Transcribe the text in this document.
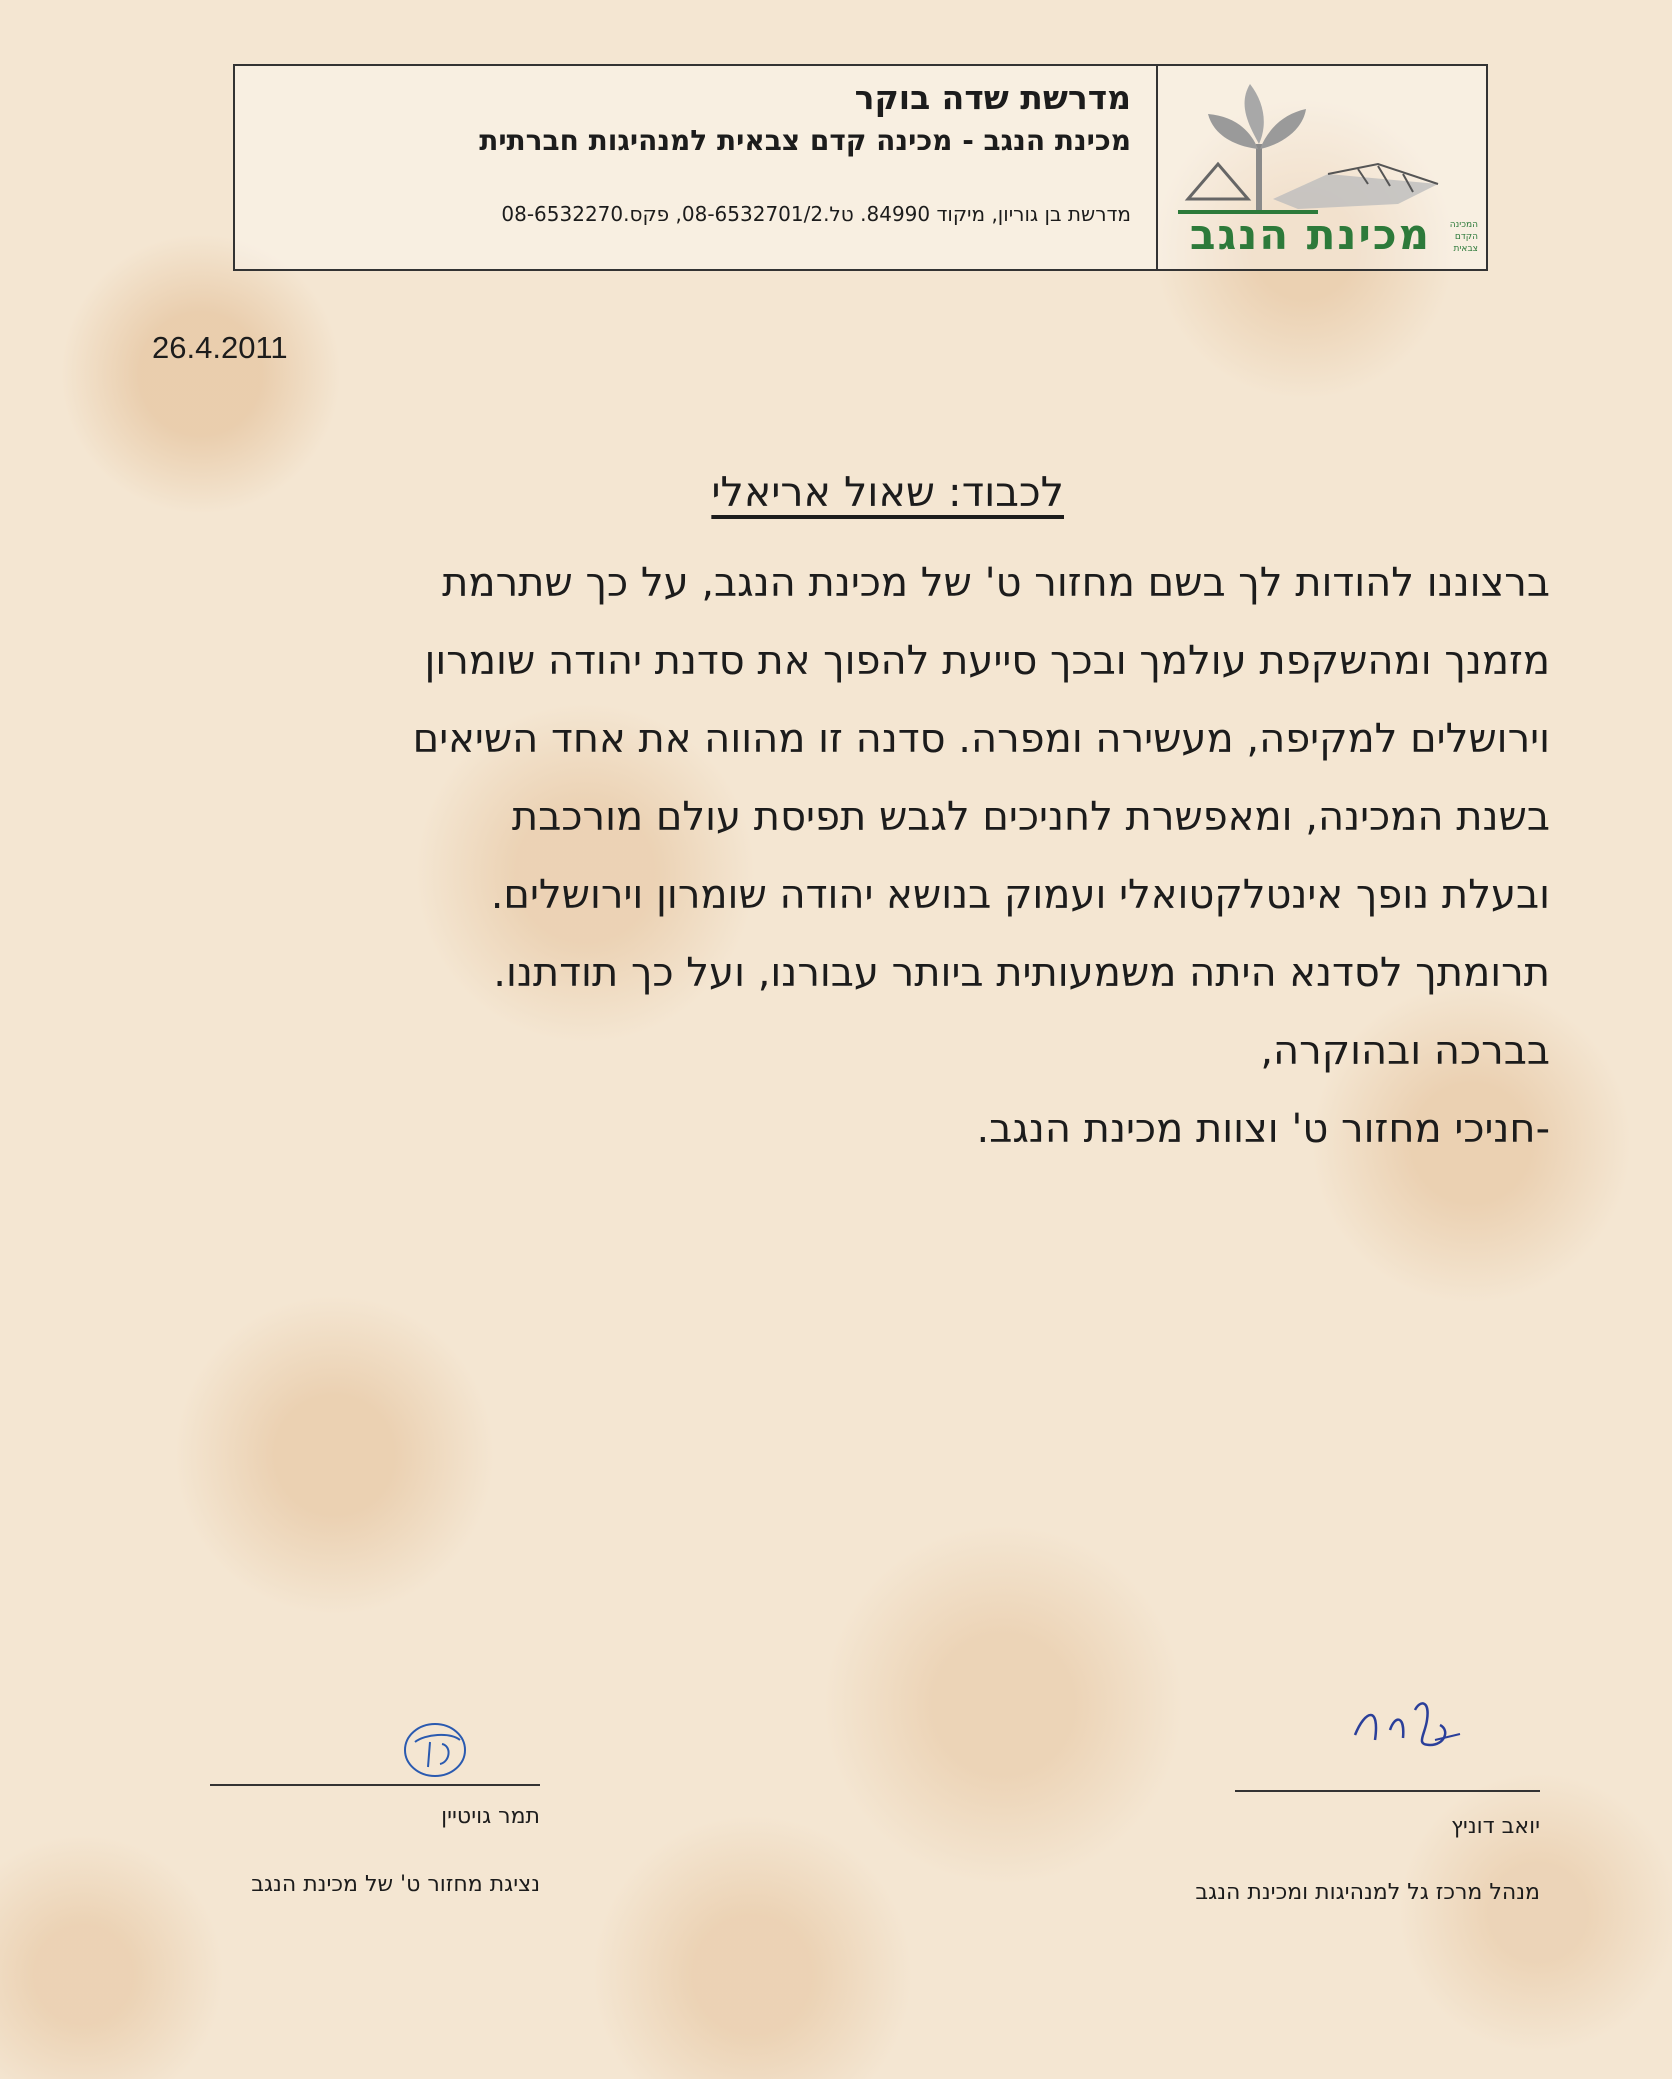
מדרשת שדה בוקר
מכינת הנגב - מכינה קדם צבאית למנהיגות חברתית
מדרשת בן גוריון, מיקוד 84990. טל.08-6532701/2, פקס.08-6532270 מכינת הנגב	המכינה הקדם צבאית
26.4.2011
לכבוד: שאול אריאלי
ברצוננו להודות לך בשם מחזור ט' של מכינת הנגב, על כך שתרמת
מזמנך ומהשקפת עולמך ובכך סייעת להפוך את סדנת יהודה שומרון
וירושלים למקיפה, מעשירה ומפרה. סדנה זו מהווה את אחד השיאים
בשנת המכינה, ומאפשרת לחניכים לגבש תפיסת עולם מורכבת
ובעלת נופך אינטלקטואלי ועמוק בנושא יהודה שומרון וירושלים.
תרומתך לסדנא היתה משמעותית ביותר עבורנו, ועל כך תודתנו.
בברכה ובהוקרה,
-חניכי מחזור ט' וצוות מכינת הנגב.
תמר גויטיין
נציגת מחזור ט' של מכינת הנגב
יואב דוניץ
מנהל מרכז גל למנהיגות ומכינת הנגב
